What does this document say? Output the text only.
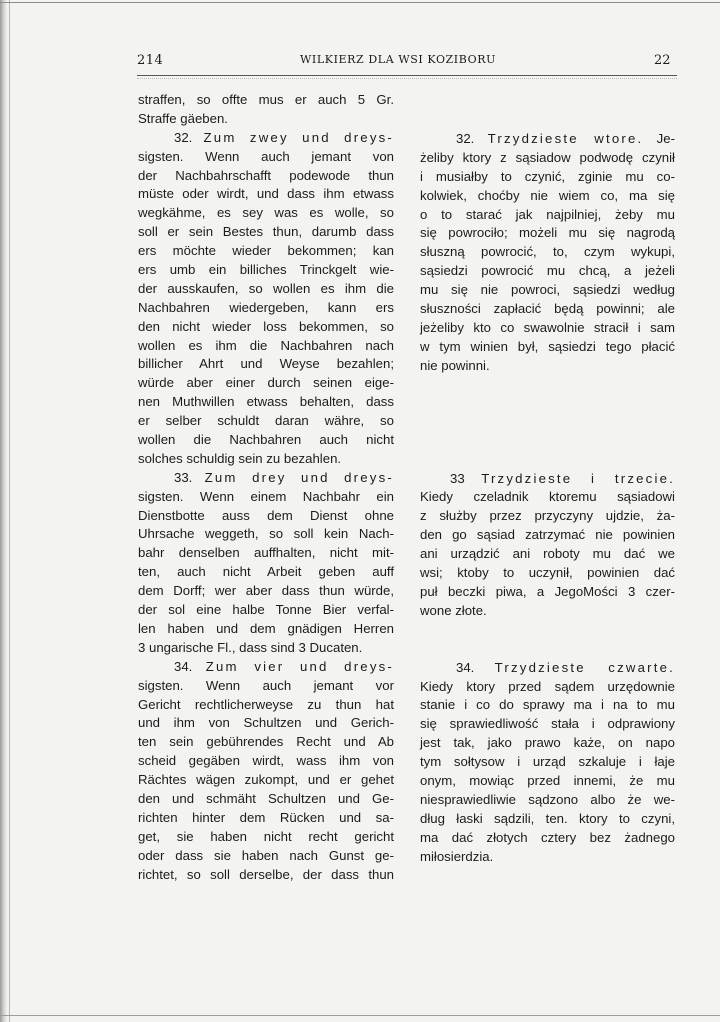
214	WILKIERZ DLA WSI KOZIBORU	22
straffen, so offte mus er auch 5 Gr.
Straffe gäeben.
32. Zum zwey und dreys-
sigsten. Wenn auch jemant von
der Nachbahrschafft podewode thun
müste oder wirdt, und dass ihm etwass
wegkähme, es sey was es wolle, so
soll er sein Bestes thun, darumb dass
ers möchte wieder bekommen; kan
ers umb ein billiches Trinckgelt wie-
der ausskaufen, so wollen es ihm die
Nachbahren wiedergeben, kann ers
den nicht wieder loss bekommen, so
wollen es ihm die Nachbahren nach
billicher Ahrt und Weyse bezahlen;
würde aber einer durch seinen eige-
nen Muthwillen etwass behalten, dass
er selber schuldt daran währe, so
wollen die Nachbahren auch nicht
solches schuldig sein zu bezahlen.
33. Zum drey und dreys-
sigsten. Wenn einem Nachbahr ein
Dienstbotte auss dem Dienst ohne
Uhrsache weggeth, so soll kein Nach-
bahr denselben auffhalten, nicht mit-
ten, auch nicht Arbeit geben auff
dem Dorff; wer aber dass thun würde,
der sol eine halbe Tonne Bier verfal-
len haben und dem gnädigen Herren
3 ungarische Fl., dass sind 3 Ducaten.
34. Zum vier und dreys-
sigsten. Wenn auch jemant vor
Gericht rechtlicherweyse zu thun hat
und ihm von Schultzen und Gerich-
ten sein gebührendes Recht und Ab
scheid gegäben wirdt, wass ihm von
Rächtes wägen zukompt, und er gehet
den und schmäht Schultzen und Ge-
richten hinter dem Rücken und sa-
get, sie haben nicht recht gericht
oder dass sie haben nach Gunst ge-
richtet, so soll derselbe, der dass thun
32. Trzydzieste wtore. Je-
żeliby ktory z sąsiadow podwodę czynił
i musiałby to czynić, zginie mu co-
kolwiek, choćby nie wiem co, ma się
o to starać jak najpilniej, żeby mu
się powrociło; możeli mu się nagrodą
słuszną powrocić, to, czym wykupi,
sąsiedzi powrocić mu chcą, a jeżeli
mu się nie powroci, sąsiedzi według
słuszności zapłacić będą powinni; ale
jeżeliby kto co swawolnie stracił i sam
w tym winien był, sąsiedzi tego płacić
nie powinni.
33 Trzydzieste i trzecie.
Kiedy czeladnik ktoremu sąsiadowi
z służby przez przyczyny ujdzie, ża-
den go sąsiad zatrzymać nie powinien
ani urządzić ani roboty mu dać we
wsi; ktoby to uczynił, powinien dać
puł beczki piwa, a JegoMości 3 czer-
wone złote.
34. Trzydzieste czwarte.
Kiedy ktory przed sądem urzędownie
stanie i co do sprawy ma i na to mu
się sprawiedliwość stała i odprawiony
jest tak, jako prawo każe, on napo
tym sołtysow i urząd szkaluje i łaje
onym, mowiąc przed innemi, że mu
niesprawiedliwie sądzono albo że we-
dług łaski sądzili, ten. ktory to czyni,
ma dać złotych cztery bez żadnego
miłosierdzia.
